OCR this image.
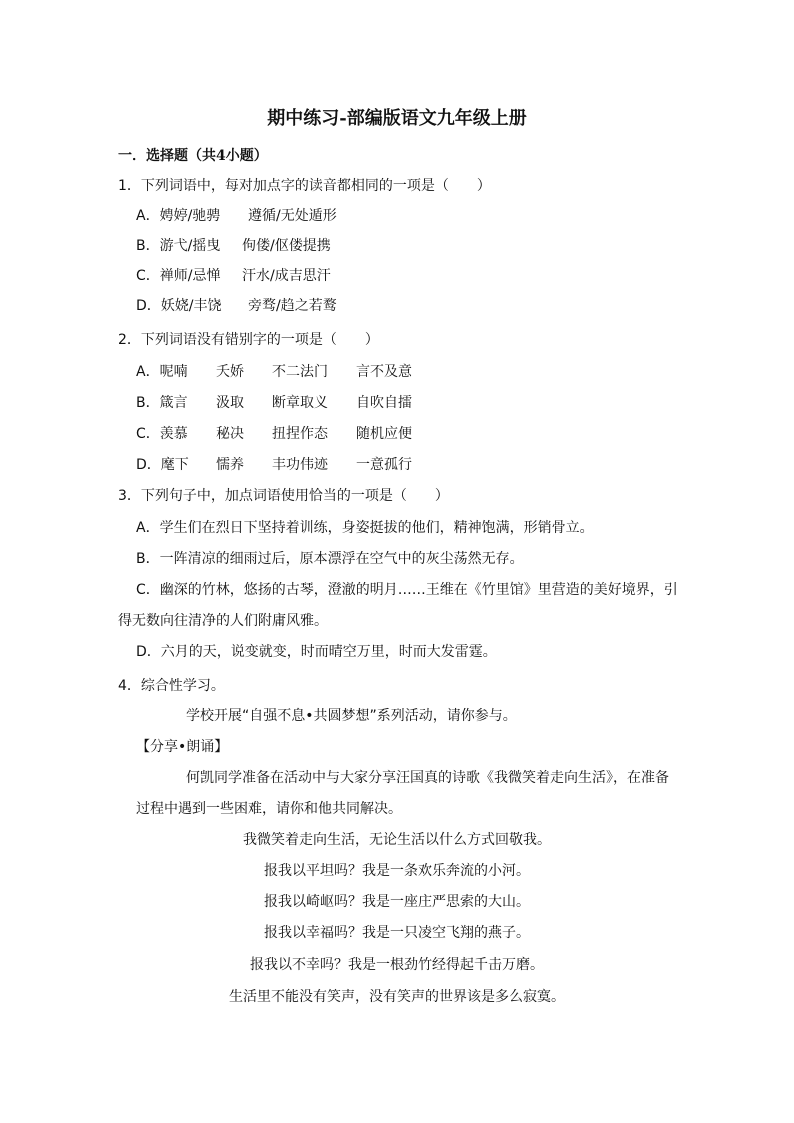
期中练习-部编版语文九年级上册
一．选择题（共4小题）
1．下列词语中，每对加点字的读音都相同的一项是（　　）
A．娉婷/驰骋 遵循/无处遁形
B．游弋/摇曳 佝偻/伛偻提携
C．禅师/忌惮 汗水/成吉思汗
D．妖娆/丰饶 旁骛/趋之若鹜
2．下列词语没有错别字的一项是（　　）
A．呢喃 夭娇 不二法门 言不及意
B．箴言 汲取 断章取义 自吹自擂
C．羡慕 秘决 扭捏作态 随机应便
D．麾下 懦养 丰功伟迹 一意孤行
3．下列句子中，加点词语使用恰当的一项是（　　）
A．学生们在烈日下坚持着训练，身姿挺拔的他们，精神饱满，形销骨立。
B．一阵清凉的细雨过后，原本漂浮在空气中的灰尘荡然无存。
C．幽深的竹林，悠扬的古琴，澄澈的明月……王维在《竹里馆》里营造的美好境界，引
得无数向往清净的人们附庸风雅。
D．六月的天，说变就变，时而晴空万里，时而大发雷霆。
4．综合性学习。
学校开展“自强不息•共圆梦想”系列活动，请你参与。
【分享•朗诵】
何凯同学准备在活动中与大家分享汪国真的诗歌《我微笑着走向生活》，在准备
过程中遇到一些困难，请你和他共同解决。
我微笑着走向生活，无论生活以什么方式回敬我。
报我以平坦吗？我是一条欢乐奔流的小河。
报我以崎岖吗？我是一座庄严思索的大山。
报我以幸福吗？我是一只凌空飞翔的燕子。
报我以不幸吗？我是一根劲竹经得起千击万磨。
生活里不能没有笑声，没有笑声的世界该是多么寂寞。
